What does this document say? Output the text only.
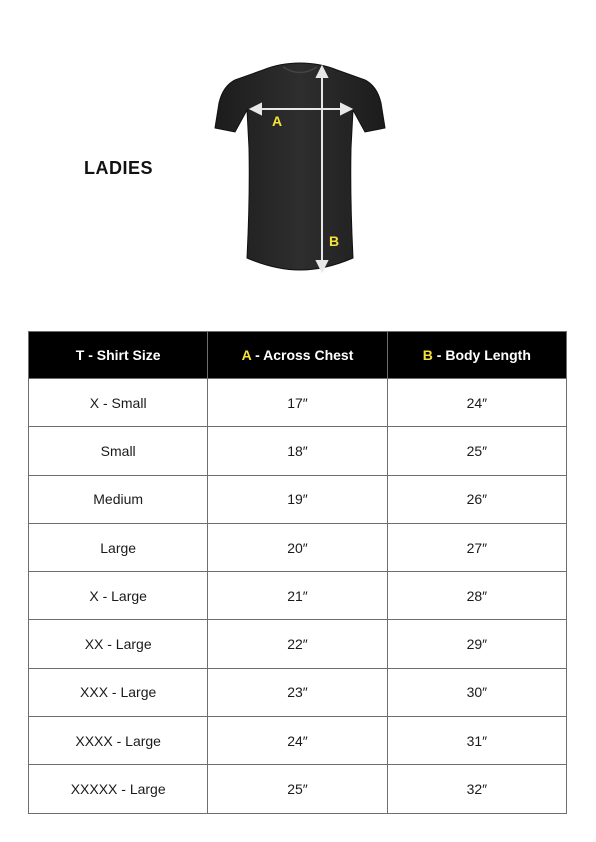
LADIES
A
B
T - Shirt Size	A - Across Chest	B - Body Length
X - Small	17″	24″
Small	18″	25″
Medium	19″	26″
Large	20″	27″
X - Large	21″	28″
XX - Large	22″	29″
XXX - Large	23″	30″
XXXX - Large	24″	31″
XXXXX - Large	25″	32″
